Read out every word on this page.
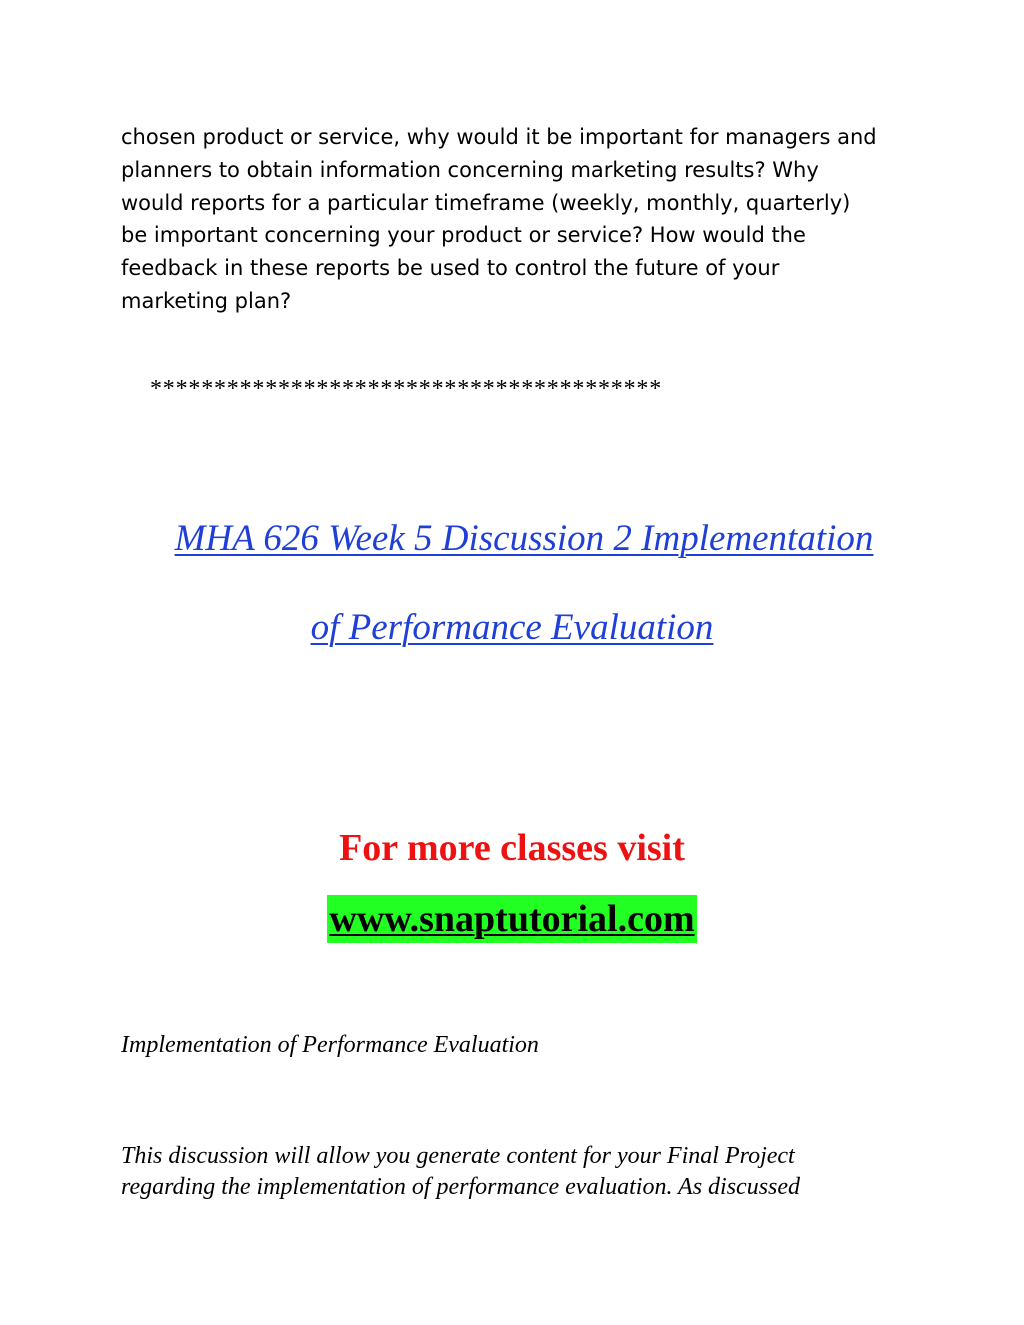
chosen product or service, why would it be important for managers and
planners to obtain information concerning marketing results? Why
would reports for a particular timeframe (weekly, monthly, quarterly)
be important concerning your product or service? How would the
feedback in these reports be used to control the future of your
marketing plan?

****************************************

MHA 626 Week 5 Discussion 2 Implementation

of Performance Evaluation

For more classes visit

www.snaptutorial.com

Implementation of Performance Evaluation

This discussion will allow you generate content for your Final Project
regarding the implementation of performance evaluation. As discussed
